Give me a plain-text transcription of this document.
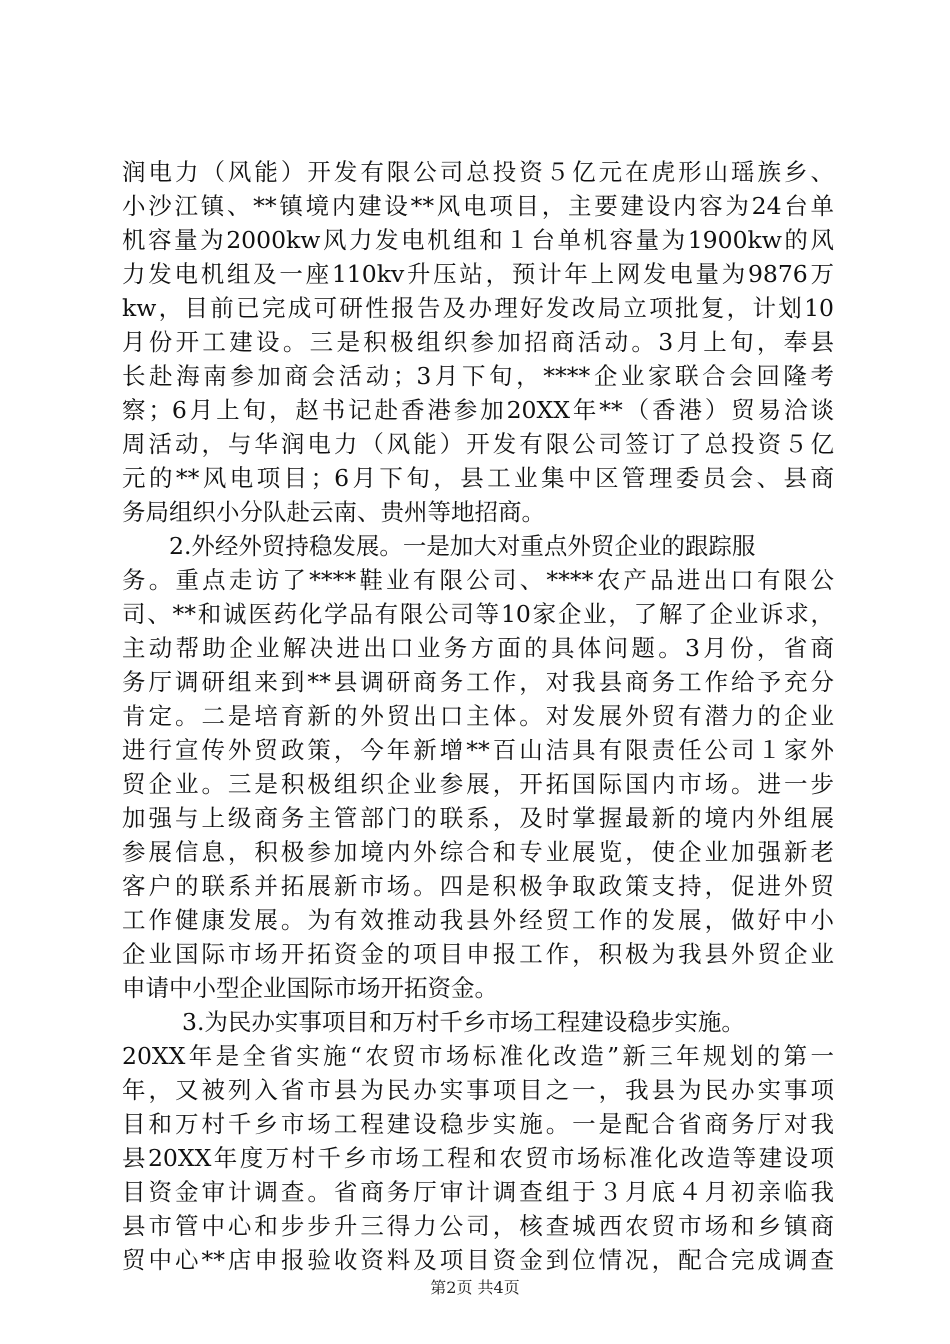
润电力（风能）开发有限公司总投资５亿元在虎形山瑶族乡、
小沙江镇、**镇境内建设**风电项目，主要建设内容为24台单
机容量为2000kw风力发电机组和１台单机容量为1900kw的风
力发电机组及一座110kv升压站，预计年上网发电量为9876万
kw，目前已完成可研性报告及办理好发改局立项批复，计划10
月份开工建设。三是积极组织参加招商活动。3月上旬，奉县
长赴海南参加商会活动；3月下旬，****企业家联合会回隆考
察；6月上旬，赵书记赴香港参加20XX年**（香港）贸易洽谈
周活动，与华润电力（风能）开发有限公司签订了总投资５亿
元的**风电项目；6月下旬，县工业集中区管理委员会、县商
务局组织小分队赴云南、贵州等地招商。
2.外经外贸持稳发展。一是加大对重点外贸企业的跟踪服
务。重点走访了****鞋业有限公司、****农产品进出口有限公
司、**和诚医药化学品有限公司等10家企业，了解了企业诉求，
主动帮助企业解决进出口业务方面的具体问题。3月份，省商
务厅调研组来到**县调研商务工作，对我县商务工作给予充分
肯定。二是培育新的外贸出口主体。对发展外贸有潜力的企业
进行宣传外贸政策，今年新增**百山洁具有限责任公司１家外
贸企业。三是积极组织企业参展，开拓国际国内市场。进一步
加强与上级商务主管部门的联系，及时掌握最新的境内外组展
参展信息，积极参加境内外综合和专业展览，使企业加强新老
客户的联系并拓展新市场。四是积极争取政策支持，促进外贸
工作健康发展。为有效推动我县外经贸工作的发展，做好中小
企业国际市场开拓资金的项目申报工作，积极为我县外贸企业
申请中小型企业国际市场开拓资金。
3.为民办实事项目和万村千乡市场工程建设稳步实施。
20XX年是全省实施“农贸市场标准化改造”新三年规划的第一
年，又被列入省市县为民办实事项目之一，我县为民办实事项
目和万村千乡市场工程建设稳步实施。一是配合省商务厅对我
县20XX年度万村千乡市场工程和农贸市场标准化改造等建设项
目资金审计调查。省商务厅审计调查组于３月底４月初亲临我
县市管中心和步步升三得力公司，核查城西农贸市场和乡镇商
贸中心**店申报验收资料及项目资金到位情况，配合完成调查
第2页 共4页
